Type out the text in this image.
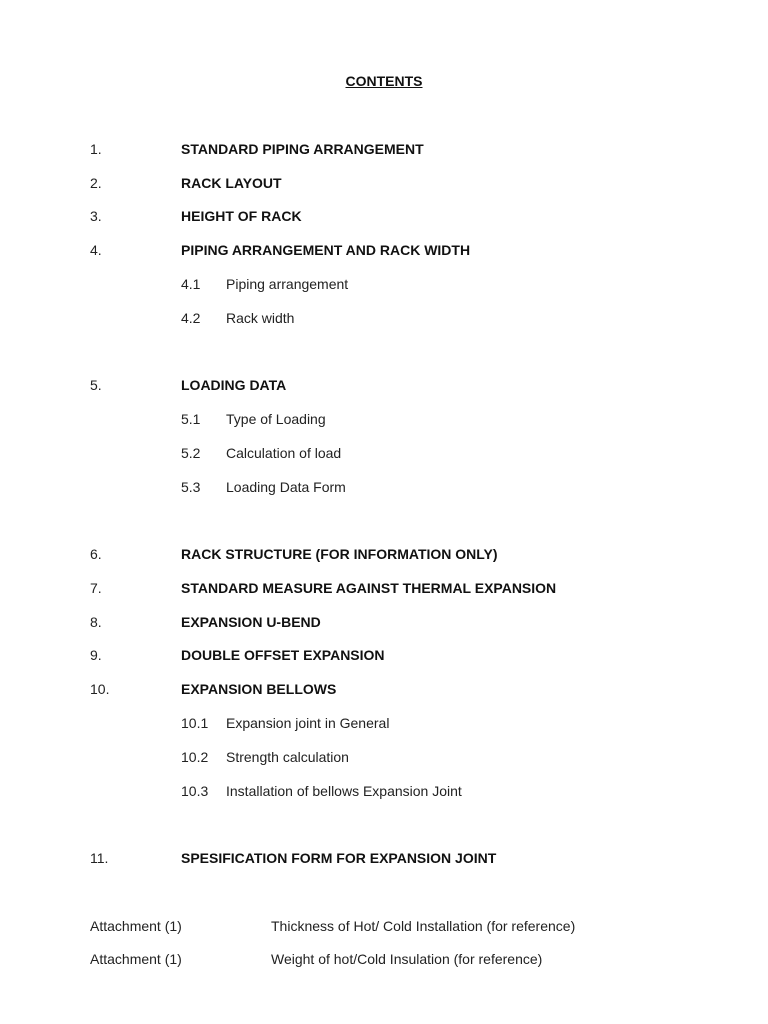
CONTENTS
1.	STANDARD PIPING ARRANGEMENT
2.	RACK LAYOUT
3.	HEIGHT OF RACK
4.	PIPING ARRANGEMENT AND RACK WIDTH
4.1 Piping arrangement
4.2 Rack width
5.	LOADING DATA
5.1 Type of Loading
5.2 Calculation of load
5.3 Loading Data Form
6.	RACK STRUCTURE (FOR INFORMATION ONLY)
7.	STANDARD MEASURE AGAINST THERMAL EXPANSION
8.	EXPANSION U-BEND
9.	DOUBLE OFFSET EXPANSION
10.	EXPANSION BELLOWS
10.1 Expansion joint in General
10.2 Strength calculation
10.3 Installation of bellows Expansion Joint
11.	SPESIFICATION FORM FOR EXPANSION JOINT
Attachment (1)	Thickness of Hot/ Cold Installation (for reference)
Attachment (1)	Weight of hot/Cold Insulation (for reference)
